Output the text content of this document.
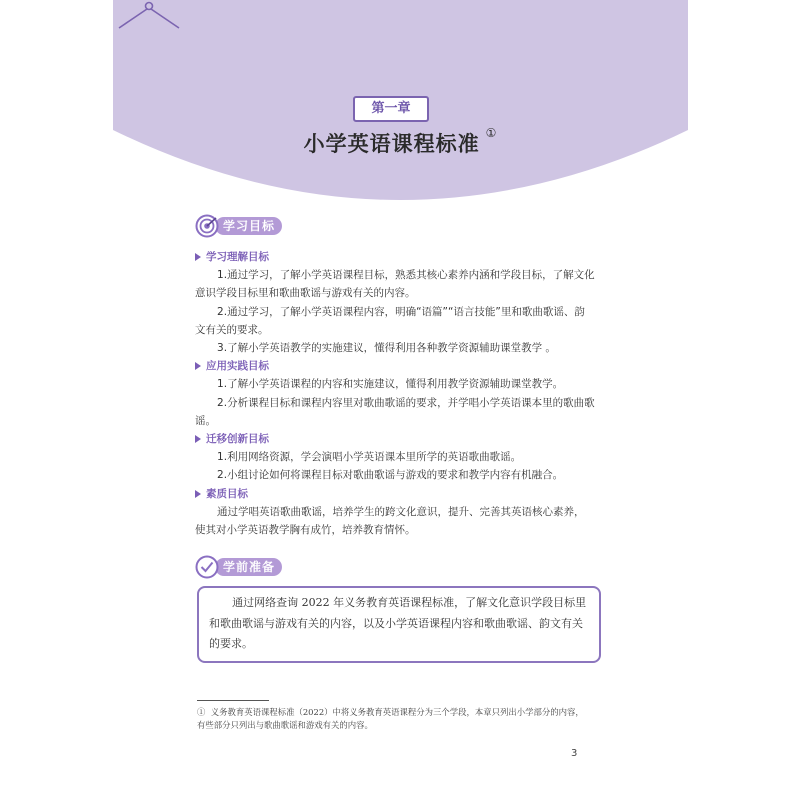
第一章
小学英语课程标准 ①
学习目标
学习理解目标

1.通过学习，了解小学英语课程目标，熟悉其核心素养内涵和学段目标，了解文化意识学段目标里和歌曲歌谣与游戏有关的内容。

2.通过学习，了解小学英语课程内容，明确“语篇”“语言技能”里和歌曲歌谣、韵文有关的要求。

3.了解小学英语教学的实施建议，懂得利用各种教学资源辅助课堂教学 。

应用实践目标

1.了解小学英语课程的内容和实施建议，懂得利用教学资源辅助课堂教学。

2.分析课程目标和课程内容里对歌曲歌谣的要求，并学唱小学英语课本里的歌曲歌谣。

迁移创新目标

1.利用网络资源，学会演唱小学英语课本里所学的英语歌曲歌谣。

2.小组讨论如何将课程目标对歌曲歌谣与游戏的要求和教学内容有机融合。

素质目标

通过学唱英语歌曲歌谣，培养学生的跨文化意识，提升、完善其英语核心素养，使其对小学英语教学胸有成竹，培养教育情怀。

学前准备

通过网络查询 2022 年义务教育英语课程标准，了解文化意识学段目标里和歌曲歌谣与游戏有关的内容，以及小学英语课程内容和歌曲歌谣、韵文有关的要求。

① 义务教育英语课程标准（2022）中将义务教育英语课程分为三个学段，本章只列出小学部分的内容，有些部分只列出与歌曲歌谣和游戏有关的内容。
3
